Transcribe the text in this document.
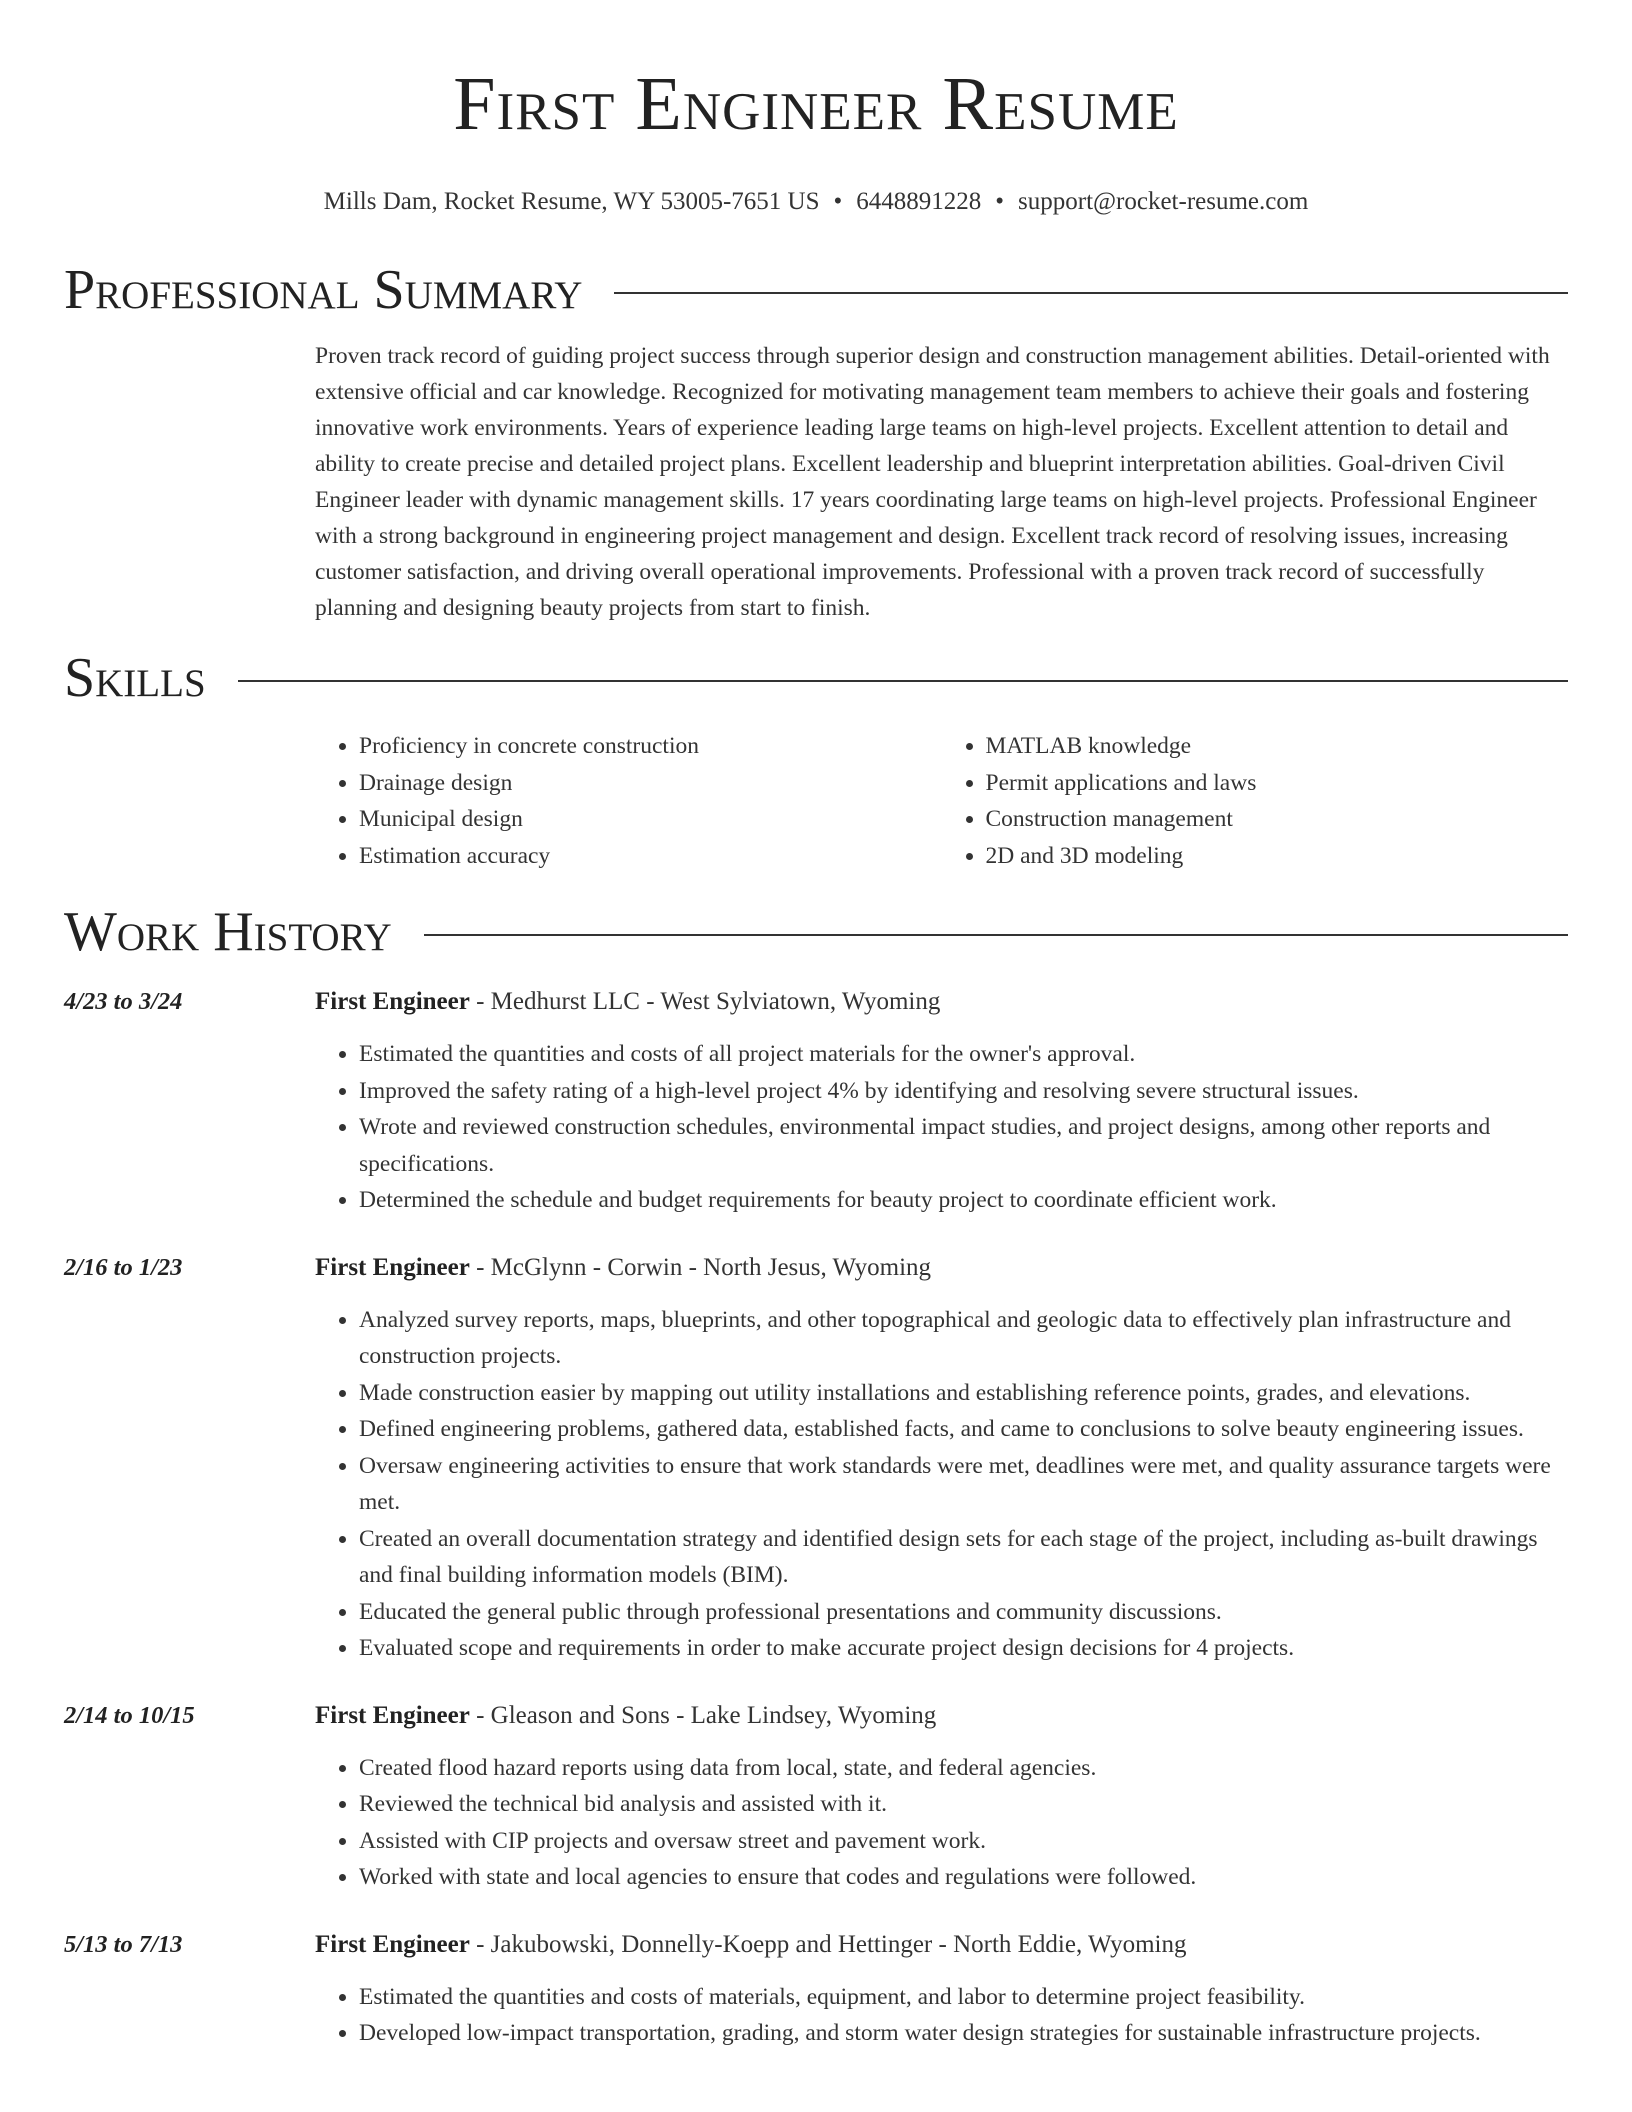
First Engineer Resume
Mills Dam, Rocket Resume, WY 53005-7651 US • 6448891228 • support@rocket-resume.com
Professional Summary

Proven track record of guiding project success through superior design and construction management abilities. Detail-oriented with extensive official and car knowledge. Recognized for motivating management team members to achieve their goals and fostering innovative work environments. Years of experience leading large teams on high-level projects. Excellent attention to detail and ability to create precise and detailed project plans. Excellent leadership and blueprint interpretation abilities. Goal-driven Civil Engineer leader with dynamic management skills. 17 years coordinating large teams on high-level projects. Professional Engineer with a strong background in engineering project management and design. Excellent track record of resolving issues, increasing customer satisfaction, and driving overall operational improvements. Professional with a proven track record of successfully planning and designing beauty projects from start to finish.

Skills
• Proficiency in concrete construction
• Drainage design
• Municipal design
• Estimation accuracy
• MATLAB knowledge
• Permit applications and laws
• Construction management
• 2D and 3D modeling
Work History
4/23 to 3/24	First Engineer - Medhurst LLC - West Sylviatown, Wyoming
• Estimated the quantities and costs of all project materials for the owner's approval.
• Improved the safety rating of a high-level project 4% by identifying and resolving severe structural issues.
• Wrote and reviewed construction schedules, environmental impact studies, and project designs, among other reports and specifications.
• Determined the schedule and budget requirements for beauty project to coordinate efficient work.
2/16 to 1/23	First Engineer - McGlynn - Corwin - North Jesus, Wyoming
• Analyzed survey reports, maps, blueprints, and other topographical and geologic data to effectively plan infrastructure and construction projects.
• Made construction easier by mapping out utility installations and establishing reference points, grades, and elevations.
• Defined engineering problems, gathered data, established facts, and came to conclusions to solve beauty engineering issues.
• Oversaw engineering activities to ensure that work standards were met, deadlines were met, and quality assurance targets were met.
• Created an overall documentation strategy and identified design sets for each stage of the project, including as-built drawings and final building information models (BIM).
• Educated the general public through professional presentations and community discussions.
• Evaluated scope and requirements in order to make accurate project design decisions for 4 projects.
2/14 to 10/15	First Engineer - Gleason and Sons - Lake Lindsey, Wyoming
• Created flood hazard reports using data from local, state, and federal agencies.
• Reviewed the technical bid analysis and assisted with it.
• Assisted with CIP projects and oversaw street and pavement work.
• Worked with state and local agencies to ensure that codes and regulations were followed.
5/13 to 7/13	First Engineer - Jakubowski, Donnelly-Koepp and Hettinger - North Eddie, Wyoming
• Estimated the quantities and costs of materials, equipment, and labor to determine project feasibility.
• Developed low-impact transportation, grading, and storm water design strategies for sustainable infrastructure projects.
